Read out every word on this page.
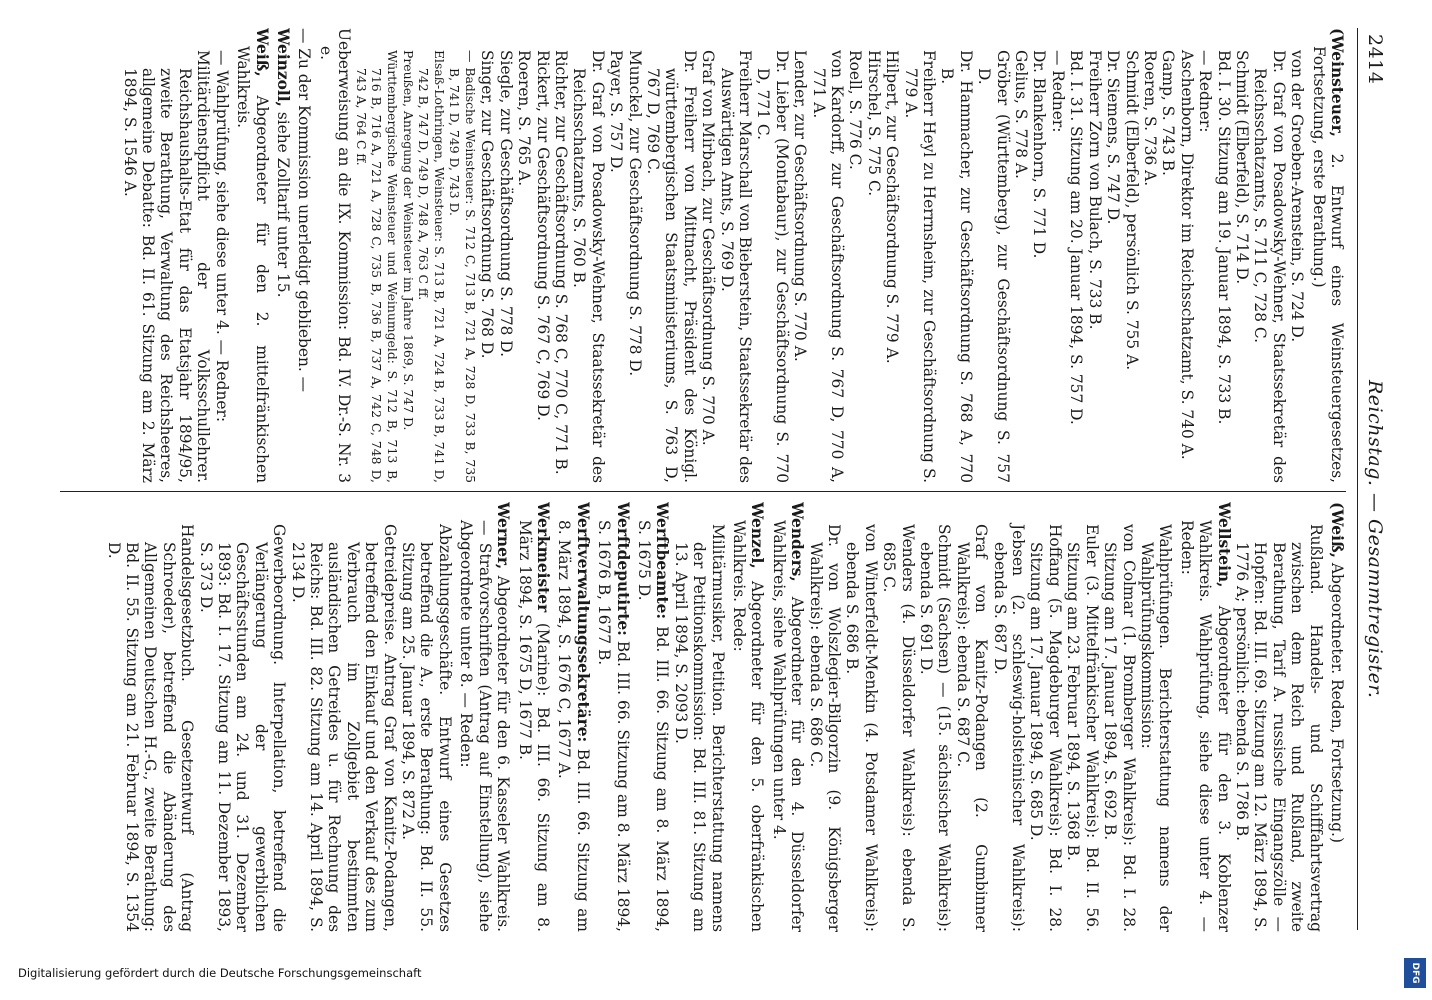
2414
Reichstag. — Gesammtregister.

(Weinsteuer, 2. Entwurf eines Weinsteuergesetzes, Fortsetzung, erste Berathung.)

von der Groeben-Arenstein, S. 724 D.

Dr. Graf von Posadowsky-Wehner, Staatssekretär des Reichsschatzamts, S. 711 C, 728 C.

Schmidt (Elberfeld), S. 714 D.

Bd. I. 30. Sitzung am 19. Januar 1894, S. 733 B.

— Redner:

Aschenborn, Direktor im Reichsschatzamt, S. 740 A.

Gamp, S. 743 B.

Roeren, S. 736 A.

Schmidt (Elberfeld), persönlich S. 755 A.

Dr. Siemens, S. 747 D.

Freiherr Zorn von Bulach, S. 733 B.

Bd. I. 31. Sitzung am 20. Januar 1894, S. 757 D.

— Redner:

Dr. Blankenhorn, S. 771 D.

Gelius, S. 778 A.

Gröber (Württemberg), zur Geschäftsordnung S. 757 D.

Dr. Hammacher, zur Geschäftsordnung S. 768 A, 770 B.

Freiherr Heyl zu Herrnsheim, zur Geschäftsordnung S. 779 A.

Hilpert, zur Geschäftsordnung S. 779 A.

Hirschel, S. 775 C.

Roell, S. 776 C.

von Kardorff, zur Geschäftsordnung S. 767 D, 770 A, 771 A.

Lender, zur Geschäftsordnung S. 770 A.

Dr. Lieber (Montabaur), zur Geschäftsordnung S. 770 D, 771 C.

Freiherr Marschall von Bieberstein, Staatssekretär des Auswärtigen Amts, S. 769 D.

Graf von Mirbach, zur Geschäftsordnung S. 770 A.

Dr. Freiherr von Mittnacht, Präsident des Königl. württembergischen Staatsministeriums, S. 763 D, 767 D, 769 C.

Munckel, zur Geschäftsordnung S. 778 D.

Payer, S. 757 D.

Dr. Graf von Posadowsky-Wehner, Staatssekretär des Reichsschatzamts, S. 760 B.

Richter, zur Geschäftsordnung S. 768 C, 770 C, 771 B.

Rickert, zur Geschäftsordnung S. 767 C, 769 D.

Roeren, S. 765 A.

Siegle, zur Geschäftsordnung S. 778 D.

Singer, zur Geschäftsordnung S. 768 D.

— Badische Weinsteuer: S. 712 C, 713 B, 721 A, 728 D, 733 B, 735 B, 741 D, 749 D, 743 D.

Elsaß-Lothringen, Weinsteuer: S. 713 B, 721 A, 724 B, 733 B, 741 D, 742 B, 747 D, 749 D, 748 A, 763 C ff.

Preußen, Anregung der Weinsteuer im Jahre 1869, S. 747 D.

Württembergische Weinsteuer und Weinumgeld: S. 712 B, 713 B, 716 B, 716 A, 721 A, 728 C, 735 B, 736 B, 737 A, 742 C, 748 D, 743 A, 764 C ff.

Ueberweisung an die IX. Kommission: Bd. IV. Dr.-S. Nr. 3 e.

— Zu der Kommission unerledigt geblieben. —

Weinzoll, siehe Zolltarif unter 15.

Weiß, Abgeordneter für den 2. mittelfränkischen Wahlkreis.

— Wahlprüfung, siehe diese unter 4. — Redner:

Militärdienstpflicht der Volksschullehrer. Reichshaushalts-Etat für das Etatsjahr 1894/95, zweite Berathung, Verwaltung des Reichsheeres, allgemeine Debatte: Bd. II. 61. Sitzung am 2. März 1894, S. 1546 A.

(Weiß, Abgeordneter. Reden, Fortsetzung.)

Rußland. Handels- und Schifffahrtsvertrag zwischen dem Reich und Rußland, zweite Berathung, Tarif A. russische Eingangszölle — Hopfen: Bd. III. 69. Sitzung am 12. März 1894, S. 1776 A; persönlich: ebenda S. 1786 B.

Wellstein, Abgeordneter für den 3. Koblenzer Wahlkreis. Wahlprüfung, siehe diese unter 4. — Reden:

Wahlprüfungen. Berichterstattung namens der Wahlprüfungskommission:

von Colmar (1. Bromberger Wahlkreis): Bd. I. 28. Sitzung am 17. Januar 1894, S. 692 B.

Euler (3. Mittelfränkischer Wahlkreis): Bd. II. 56. Sitzung am 23. Februar 1894, S. 1368 B.

Hoffang (5. Magdeburger Wahlkreis): Bd. I. 28. Sitzung am 17. Januar 1894, S. 685 D.

Jebsen (2. schleswig-holsteinischer Wahlkreis): ebenda S. 687 D.

Graf von Kanitz-Podangen (2. Gumbinner Wahlkreis): ebenda S. 687 C.

Schmidt (Sachsen) — (15. sächsischer Wahlkreis): ebenda S. 691 D.

Wenders (4. Düsseldorfer Wahlkreis): ebenda S. 685 C.

von Winterfeldt-Menkin (4. Potsdamer Wahlkreis): ebenda S. 686 B.

Dr. von Wolszlegier-Bilgorzin (9. Königsberger Wahlkreis): ebenda S. 686 C.

Wenders, Abgeordneter für den 4. Düsseldorfer Wahlkreis, siehe Wahlprüfungen unter 4.

Wenzel, Abgeordneter für den 5. oberfränkischen Wahlkreis. Rede:

Militärmusiker, Petition. Berichterstattung namens der Petitionskommission: Bd. III. 81. Sitzung am 13. April 1894, S. 2093 D.

Werftbeamte: Bd. III. 66. Sitzung am 8. März 1894, S. 1675 D.

Werftdeputirte: Bd. III. 66. Sitzung am 8. März 1894, S. 1676 B, 1677 B.

Werftverwaltungssekretäre: Bd. III. 66. Sitzung am 8. März 1894, S. 1676 C, 1677 A.

Werkmeister (Marine): Bd. III. 66. Sitzung am 8. März 1894, S. 1675 D, 1677 B.

Werner, Abgeordneter für den 6. Kasseler Wahlkreis. — Strafvorschriften (Antrag auf Einstellung), siehe Abgeordnete unter 8. — Reden:

Abzahlungsgeschäfte. Entwurf eines Gesetzes betreffend die A., erste Berathung: Bd. II. 55. Sitzung am 25. Januar 1894, S. 872 A.

Getreidepreise. Antrag Graf von Kanitz-Podangen, betreffend den Einkauf und den Verkauf des zum Verbrauch im Zollgebiet bestimmten ausländischen Getreides u. für Rechnung des Reichs: Bd. III. 82. Sitzung am 14. April 1894, S. 2134 D.

Gewerbeordnung. Interpellation, betreffend die Verlängerung der gewerblichen Geschäftsstunden am 24. und 31. Dezember 1893: Bd. I. 17. Sitzung am 11. Dezember 1893, S. 373 D.

Handelsgesetzbuch. Gesetzentwurf (Antrag Schroeder), betreffend die Abänderung des Allgemeinen Deutschen H.-G., zweite Berathung: Bd. II. 55. Sitzung am 21. Februar 1894, S. 1354 D.

Digitalisierung gefördert durch die Deutsche Forschungsgemeinschaft	DFG
